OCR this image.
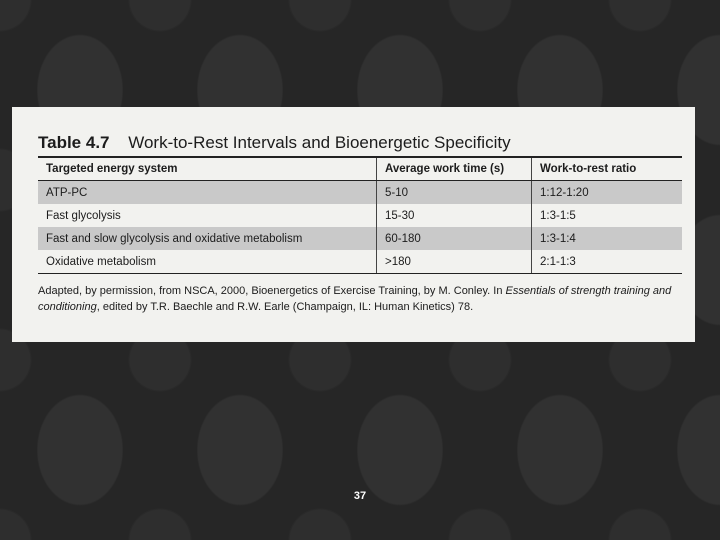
Table 4.7 Work-to-Rest Intervals and Bioenergetic Specificity
Targeted energy system	Average work time (s)	Work-to-rest ratio
ATP-PC	5-10	1:12-1:20
Fast glycolysis	15-30	1:3-1:5
Fast and slow glycolysis and oxidative metabolism	60-180	1:3-1:4
Oxidative metabolism	>180	2:1-1:3
Adapted, by permission, from NSCA, 2000, Bioenergetics of Exercise Training, by M. Conley. In Essentials of strength training and conditioning, edited by T.R. Baechle and R.W. Earle (Champaign, IL: Human Kinetics) 78.
37
